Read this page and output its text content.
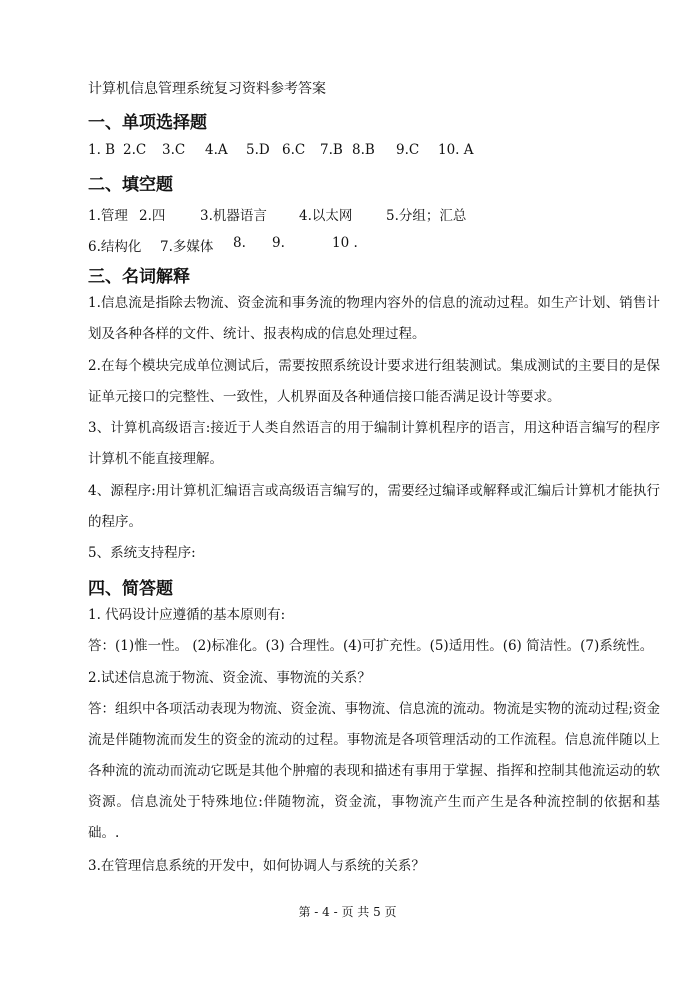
计算机信息管理系统复习资料参考答案
一、单项选择题
1. B 2.C 3.C 4.A 5.D 6.C 7.B 8.B 9.C 10. A
二、填空题
1.管理 2.四	3.机器语言 4.以太网 5.分组；汇总
6.结构化 7.多媒体 8. 9.	10 .
三、名词解释
1.信息流是指除去物流、资金流和事务流的物理内容外的信息的流动过程。如生产计划、销售计划及各种各样的文件、统计、报表构成的信息处理过程。
2.在每个模块完成单位测试后，需要按照系统设计要求进行组装测试。集成测试的主要目的是保证单元接口的完整性、一致性，人机界面及各种通信接口能否满足设计等要求。
3、计算机高级语言:接近于人类自然语言的用于编制计算机程序的语言，用这种语言编写的程序计算机不能直接理解。
4、源程序:用计算机汇编语言或高级语言编写的，需要经过编译或解释或汇编后计算机才能执行的程序。
5、系统支持程序:
四、简答题
1. 代码设计应遵循的基本原则有:
答：(1)惟一性。 (2)标准化。(3) 合理性。(4)可扩充性。(5)适用性。(6) 简洁性。(7)系统性。
2.试述信息流于物流、资金流、事物流的关系？
答：组织中各项活动表现为物流、资金流、事物流、信息流的流动。物流是实物的流动过程;资金流是伴随物流而发生的资金的流动的过程。事物流是各项管理活动的工作流程。信息流伴随以上各种流的流动而流动它既是其他个肿瘤的表现和描述有事用于掌握、指挥和控制其他流运动的软资源。信息流处于特殊地位:伴随物流，资金流，事物流产生而产生是各种流控制的依据和基础。.
3.在管理信息系统的开发中，如何协调人与系统的关系？
第 - 4 - 页 共 5 页
